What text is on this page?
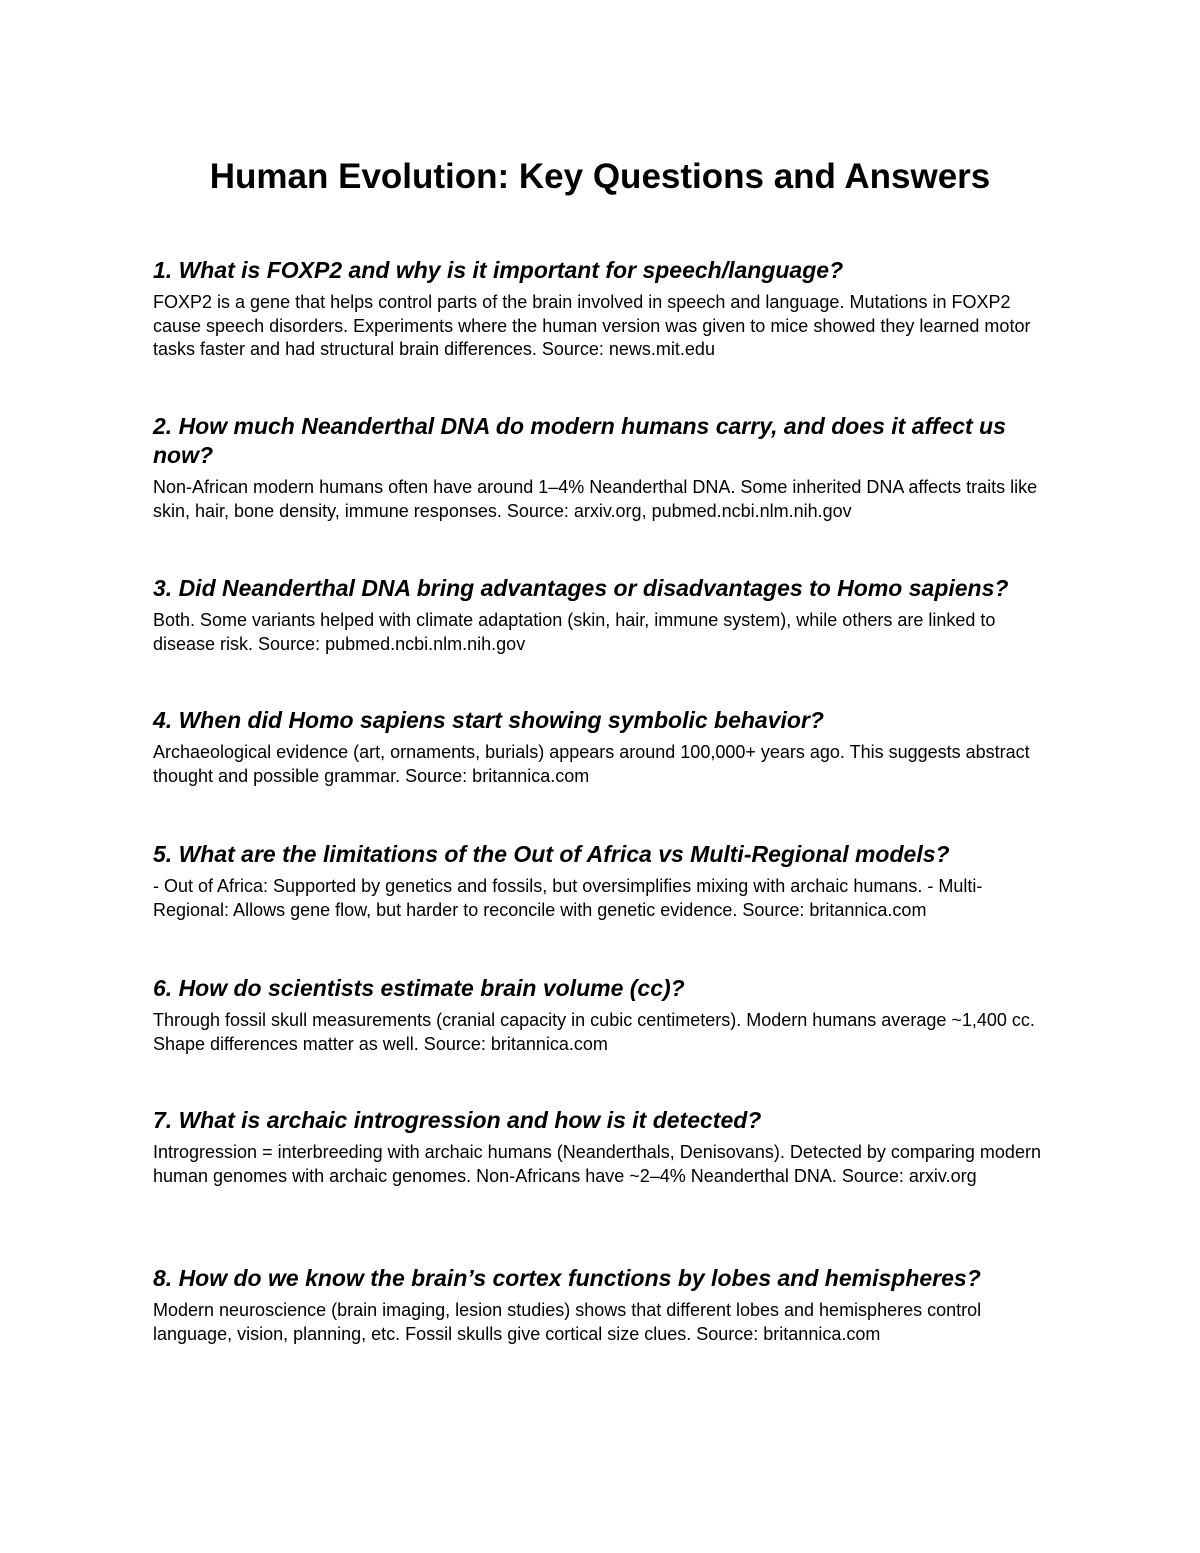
Human Evolution: Key Questions and Answers
1. What is FOXP2 and why is it important for speech/language?

FOXP2 is a gene that helps control parts of the brain involved in speech and language. Mutations in FOXP2 cause speech disorders. Experiments where the human version was given to mice showed they learned motor tasks faster and had structural brain differences. Source: news.mit.edu

2. How much Neanderthal DNA do modern humans carry, and does it affect us now?

Non-African modern humans often have around 1–4% Neanderthal DNA. Some inherited DNA affects traits like skin, hair, bone density, immune responses. Source: arxiv.org, pubmed.ncbi.nlm.nih.gov

3. Did Neanderthal DNA bring advantages or disadvantages to Homo sapiens?

Both. Some variants helped with climate adaptation (skin, hair, immune system), while others are linked to disease risk. Source: pubmed.ncbi.nlm.nih.gov

4. When did Homo sapiens start showing symbolic behavior?

Archaeological evidence (art, ornaments, burials) appears around 100,000+ years ago. This suggests abstract thought and possible grammar. Source: britannica.com

5. What are the limitations of the Out of Africa vs Multi-Regional models?

- Out of Africa: Supported by genetics and fossils, but oversimplifies mixing with archaic humans. - Multi-Regional: Allows gene flow, but harder to reconcile with genetic evidence. Source: britannica.com

6. How do scientists estimate brain volume (cc)?

Through fossil skull measurements (cranial capacity in cubic centimeters). Modern humans average ~1,400 cc. Shape differences matter as well. Source: britannica.com

7. What is archaic introgression and how is it detected?

Introgression = interbreeding with archaic humans (Neanderthals, Denisovans). Detected by comparing modern human genomes with archaic genomes. Non-Africans have ~2–4% Neanderthal DNA. Source: arxiv.org

8. How do we know the brain’s cortex functions by lobes and hemispheres?

Modern neuroscience (brain imaging, lesion studies) shows that different lobes and hemispheres control language, vision, planning, etc. Fossil skulls give cortical size clues. Source: britannica.com
